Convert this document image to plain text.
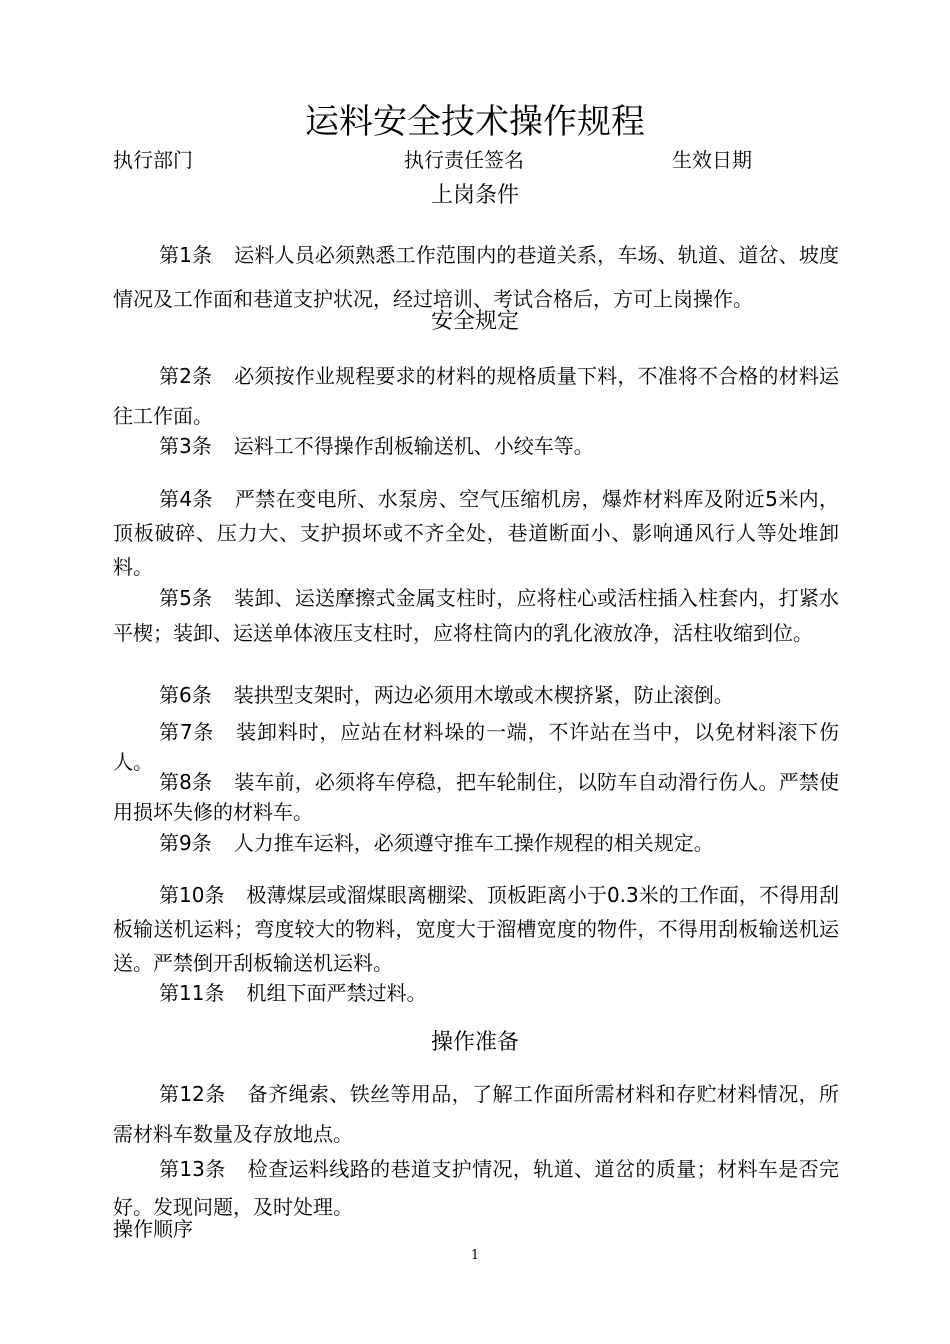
运料安全技术操作规程
执行部门	执行责任签名	生效日期
上岗条件
第1条 运料人员必须熟悉工作范围内的巷道关系，车场、轨道、道岔、坡度情况及工作面和巷道支护状况，经过培训、考试合格后，方可上岗操作。
安全规定
第2条 必须按作业规程要求的材料的规格质量下料，不准将不合格的材料运往工作面。
第3条 运料工不得操作刮板输送机、小绞车等。
第4条 严禁在变电所、水泵房、空气压缩机房，爆炸材料库及附近5米内，顶板破碎、压力大、支护损坏或不齐全处，巷道断面小、影响通风行人等处堆卸料。
第5条 装卸、运送摩擦式金属支柱时，应将柱心或活柱插入柱套内，打紧水平楔；装卸、运送单体液压支柱时，应将柱筒内的乳化液放净，活柱收缩到位。
第6条 装拱型支架时，两边必须用木墩或木楔挤紧，防止滚倒。
第7条 装卸料时，应站在材料垛的一端，不许站在当中，以免材料滚下伤人。
第8条 装车前，必须将车停稳，把车轮制住，以防车自动滑行伤人。严禁使用损坏失修的材料车。
第9条 人力推车运料，必须遵守推车工操作规程的相关规定。
第10条 极薄煤层或溜煤眼离棚梁、顶板距离小于0.3米的工作面，不得用刮板输送机运料；弯度较大的物料，宽度大于溜槽宽度的物件，不得用刮板输送机运送。严禁倒开刮板输送机运料。
第11条 机组下面严禁过料。
操作准备
第12条 备齐绳索、铁丝等用品，了解工作面所需材料和存贮材料情况，所需材料车数量及存放地点。
第13条 检查运料线路的巷道支护情况，轨道、道岔的质量；材料车是否完好。发现问题，及时处理。
操作顺序
1
